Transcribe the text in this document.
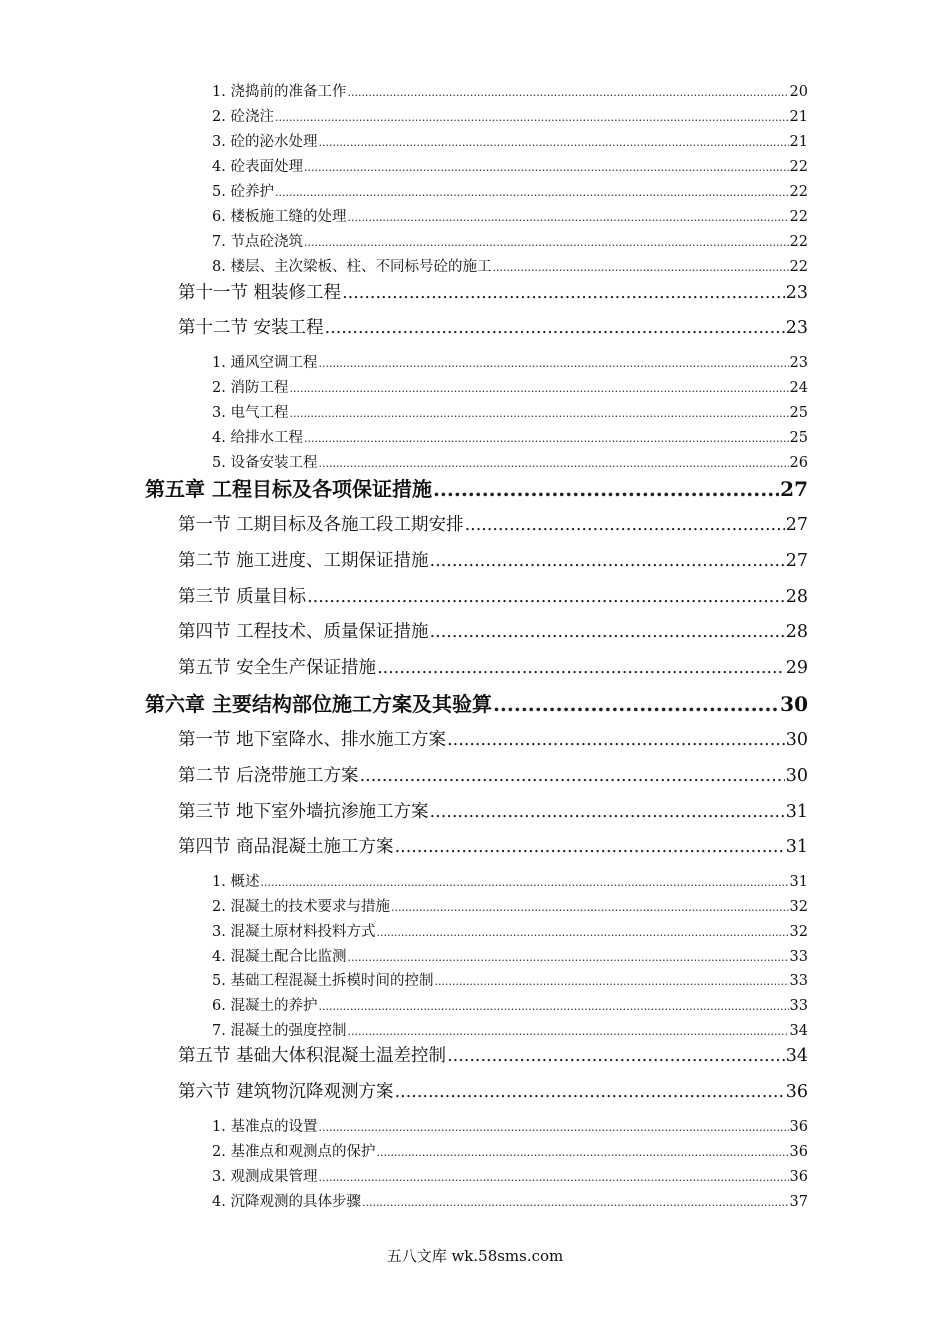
1. 浇捣前的准备工作 .....	20
2. 砼浇注 .....	21
3. 砼的泌水处理 .....	21
4. 砼表面处理 .....	22
5. 砼养护 .....	22
6. 楼板施工缝的处理 .....	22
7. 节点砼浇筑 .....	22
8. 楼层、主次梁板、柱、不同标号砼的施工 .....	22
第十一节 粗装修工程 .....	23
第十二节 安装工程 .....	23
1. 通风空调工程 .....	23
2. 消防工程 .....	24
3. 电气工程 .....	25
4. 给排水工程 .....	25
5. 设备安装工程 .....	26
第五章 工程目标及各项保证措施 .....	27
第一节 工期目标及各施工段工期安排 .....	27
第二节 施工进度、工期保证措施 .....	27
第三节 质量目标 .....	28
第四节 工程技术、质量保证措施 .....	28
第五节 安全生产保证措施 .....	29
第六章 主要结构部位施工方案及其验算 .....	30
第一节 地下室降水、排水施工方案 .....	30
第二节 后浇带施工方案 .....	30
第三节 地下室外墙抗渗施工方案 .....	31
第四节 商品混凝土施工方案 .....	31
1. 概述 .....	31
2. 混凝土的技术要求与措施 .....	32
3. 混凝土原材料投料方式 .....	32
4. 混凝土配合比监测 .....	33
5. 基础工程混凝土拆模时间的控制 .....	33
6. 混凝土的养护 .....	33
7. 混凝土的强度控制 .....	34
第五节 基础大体积混凝土温差控制 .....	34
第六节 建筑物沉降观测方案 .....	36
1. 基准点的设置 .....	36
2. 基准点和观测点的保护 .....	36
3. 观测成果管理 .....	36
4. 沉降观测的具体步骤 .....	37
五八文库 wk.58sms.com
